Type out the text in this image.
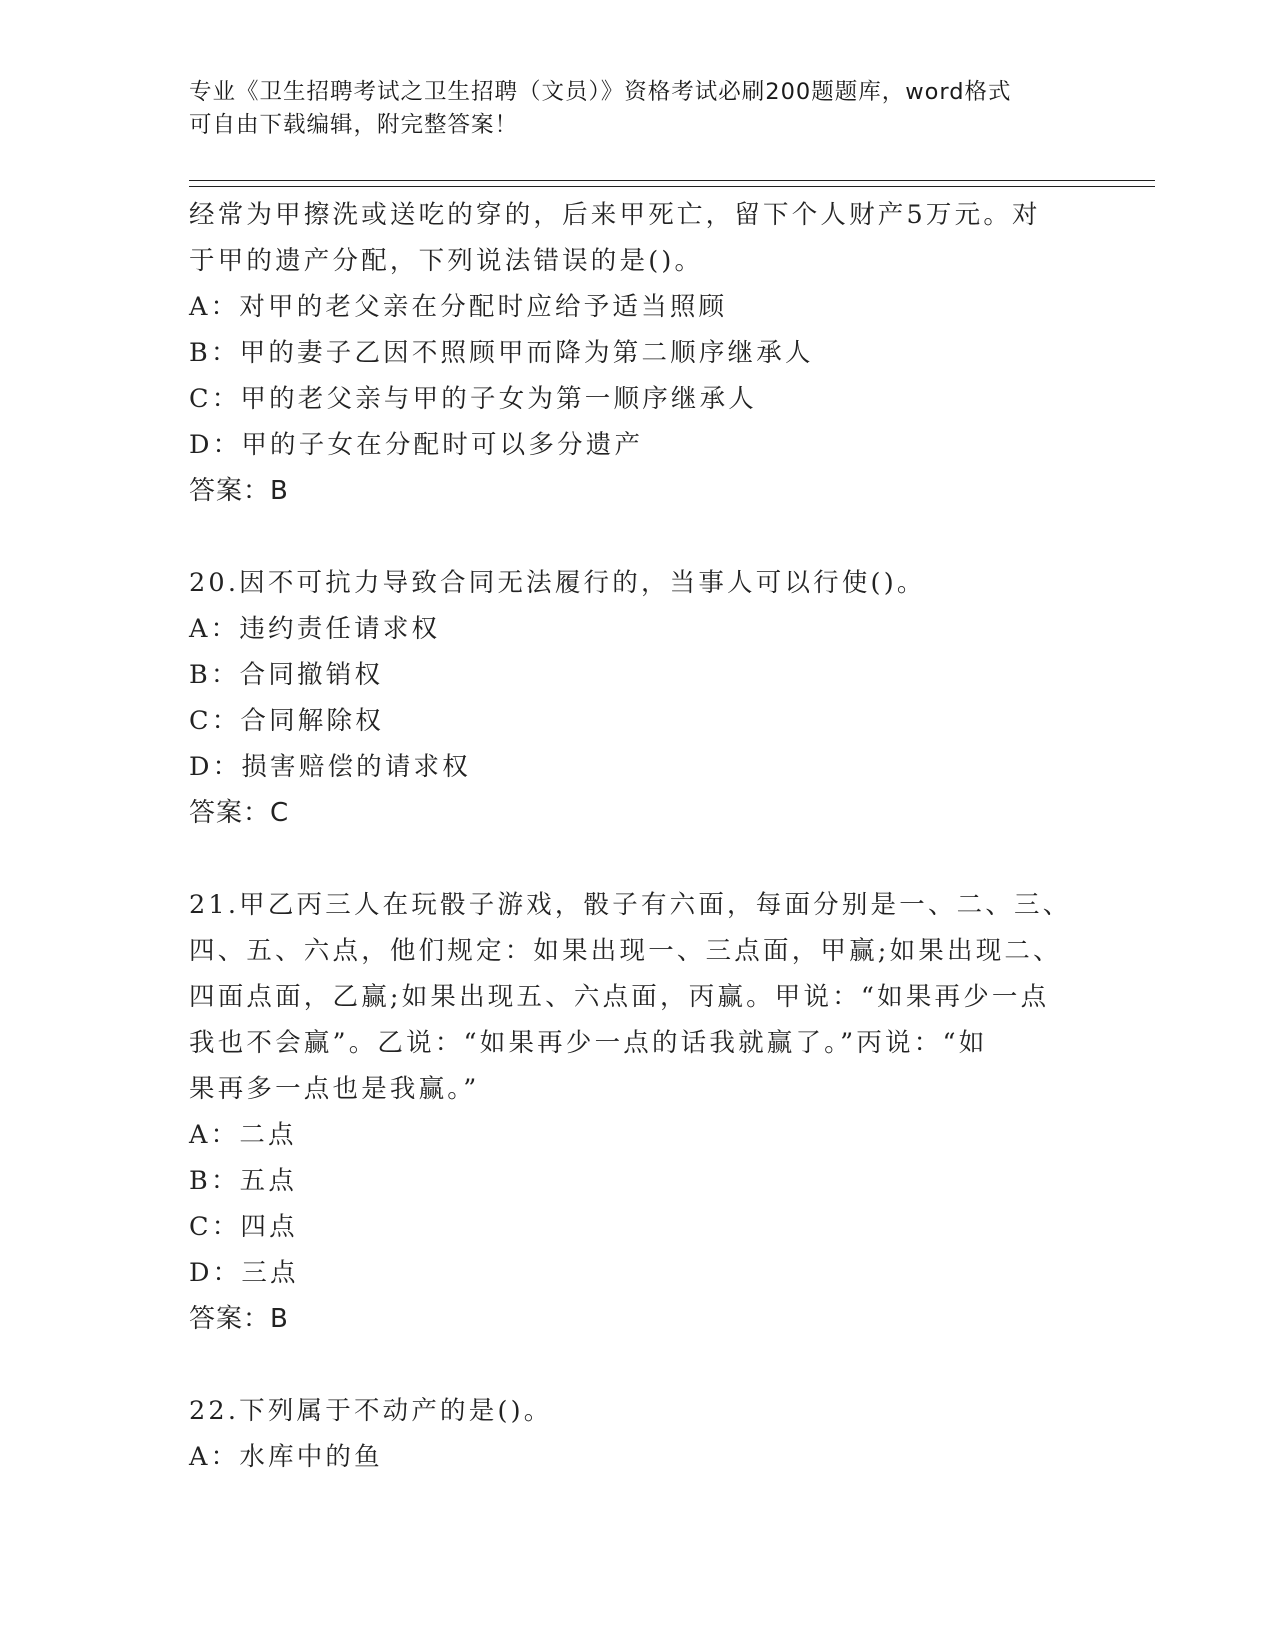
专业《卫生招聘考试之卫生招聘（文员）》资格考试必刷200题题库，word格式
可自由下载编辑，附完整答案！
经常为甲擦洗或送吃的穿的，后来甲死亡，留下个人财产5万元。对
于甲的遗产分配，下列说法错误的是()。
A：对甲的老父亲在分配时应给予适当照顾
B：甲的妻子乙因不照顾甲而降为第二顺序继承人
C：甲的老父亲与甲的子女为第一顺序继承人
D：甲的子女在分配时可以多分遗产
答案：B
20.因不可抗力导致合同无法履行的，当事人可以行使()。
A：违约责任请求权
B：合同撤销权
C：合同解除权
D：损害赔偿的请求权
答案：C
21.甲乙丙三人在玩骰子游戏，骰子有六面，每面分别是一、二、三、
四、五、六点，他们规定：如果出现一、三点面，甲赢;如果出现二、
四面点面，乙赢;如果出现五、六点面，丙赢。甲说：“如果再少一点
我也不会赢”。乙说：“如果再少一点的话我就赢了。”丙说：“如
果再多一点也是我赢。”
A：二点
B：五点
C：四点
D：三点
答案：B
22.下列属于不动产的是()。
A：水库中的鱼
